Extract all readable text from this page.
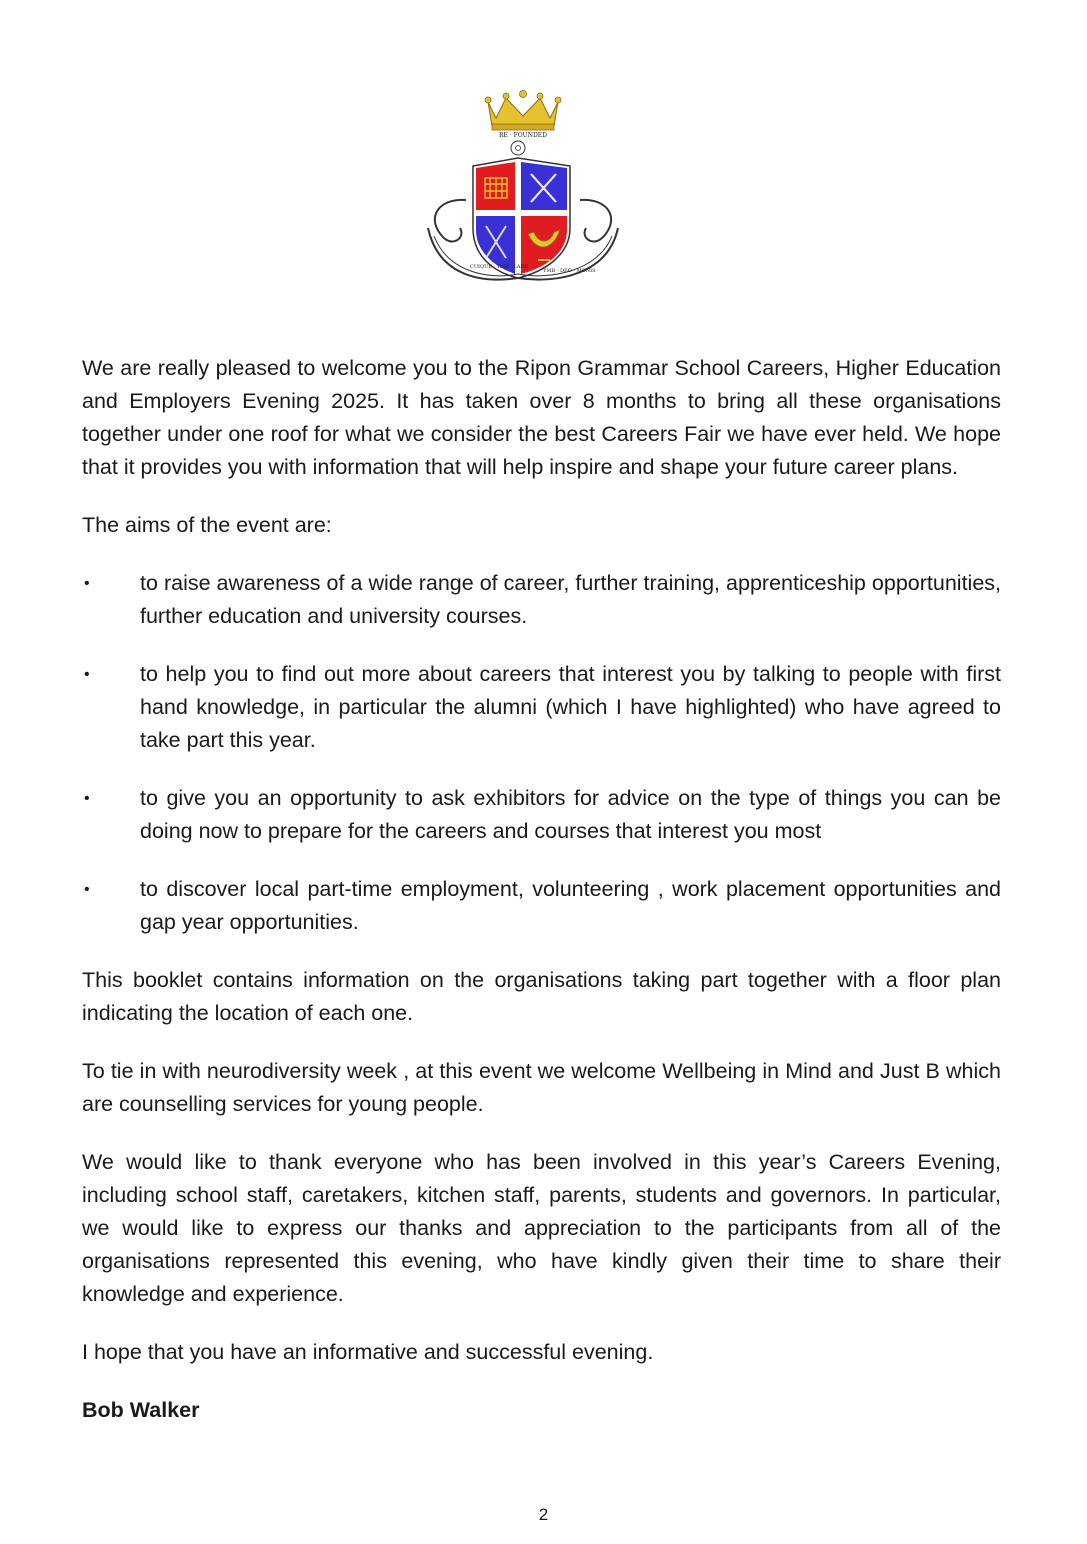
RE · FOUNDED
CUIQUE · YMB · LARE
· YMB · DEO · MONIS ·

We are really pleased to welcome you to the Ripon Grammar School Careers, Higher Education and Employers Evening 2025. It has taken over 8 months to bring all these organisations together under one roof for what we consider the best Careers Fair we have ever held. We hope that it provides you with information that will help inspire and shape your future career plans.

The aims of the event are:

•	to raise awareness of a wide range of career, further training, apprenticeship opportunities, further education and university courses.
•	to help you to find out more about careers that interest you by talking to people with first hand knowledge, in particular the alumni (which I have highlighted) who have agreed to take part this year.
•	to give you an opportunity to ask exhibitors for advice on the type of things you can be doing now to prepare for the careers and courses that interest you most
•	to discover local part-time employment, volunteering , work placement opportunities and gap year opportunities.

This booklet contains information on the organisations taking part together with a floor plan indicating the location of each one.

To tie in with neurodiversity week , at this event we welcome Wellbeing in Mind and Just B which are counselling services for young people.

We would like to thank everyone who has been involved in this year’s Careers Evening, including school staff, caretakers, kitchen staff, parents, students and governors. In particular, we would like to express our thanks and appreciation to the participants from all of the organisations represented this evening, who have kindly given their time to share their knowledge and experience.

I hope that you have an informative and successful evening.

Bob Walker

2
